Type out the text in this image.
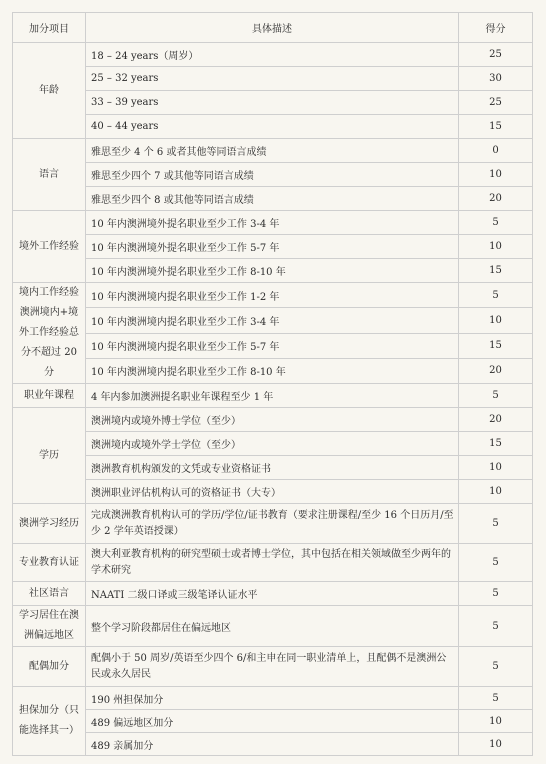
加分项目	具体描述	得分
年龄	18 – 24 years（周岁）	25
	25 – 32 years	30
	33 – 39 years	25
	40 – 44 years	15
语言	雅思至少 4 个 6 或者其他等同语言成绩	0
	雅思至少四个 7 或其他等同语言成绩	10
	雅思至少四个 8 或其他等同语言成绩	20
境外工作经验	10 年内澳洲境外提名职业至少工作 3-4 年	5
	10 年内澳洲境外提名职业至少工作 5-7 年	10
	10 年内澳洲境外提名职业至少工作 8-10 年	15
境内工作经验 澳洲境内+境外工作经验总分不超过 20 分	10 年内澳洲境内提名职业至少工作 1-2 年	5
	10 年内澳洲境内提名职业至少工作 3-4 年	10
	10 年内澳洲境内提名职业至少工作 5-7 年	15
	10 年内澳洲境内提名职业至少工作 8-10 年	20
职业年课程	4 年内参加澳洲提名职业年课程至少 1 年	5
学历	澳洲境内或境外博士学位（至少）	20
	澳洲境内或境外学士学位（至少）	15
	澳洲教育机构颁发的文凭或专业资格证书	10
	澳洲职业评估机构认可的资格证书（大专）	10
澳洲学习经历	完成澳洲教育机构认可的学历/学位/证书教育（要求注册课程/至少 16 个日历月/至少 2 学年英语授课）	5
专业教育认证	澳大利亚教育机构的研究型硕士或者博士学位，其中包括在相关领域做至少两年的学术研究	5
社区语言	NAATI 二级口译或三级笔译认证水平	5
学习居住在澳洲偏远地区	整个学习阶段都居住在偏远地区	5
配偶加分	配偶小于 50 周岁/英语至少四个 6/和主申在同一职业清单上，且配偶不是澳洲公民或永久居民	5
担保加分（只能选择其一）	190 州担保加分	5
	489 偏远地区加分	10
	489 亲属加分	10
